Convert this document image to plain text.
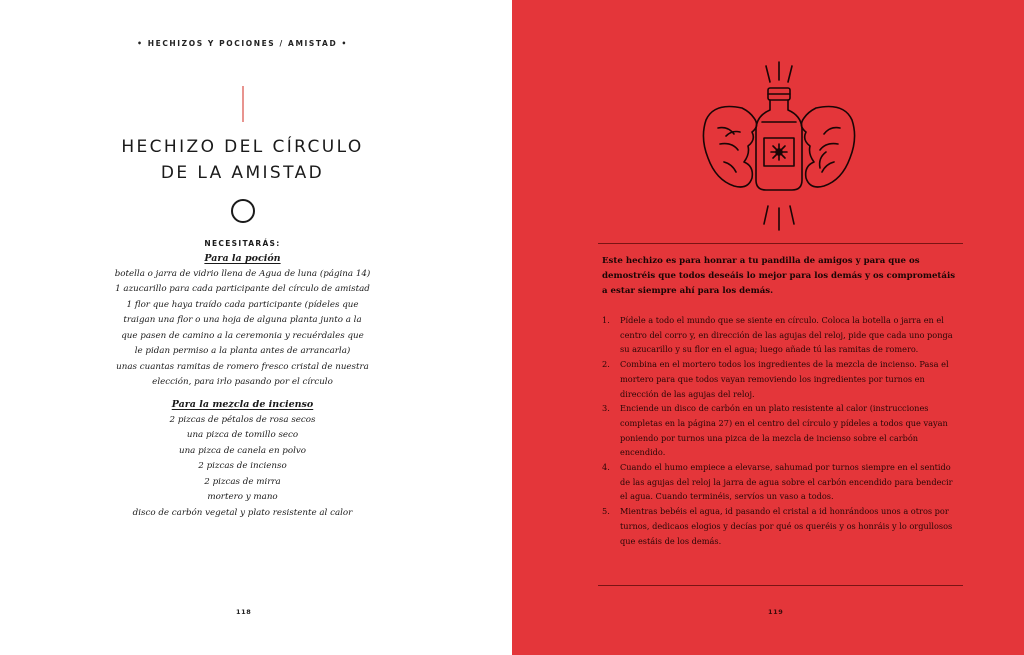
• HECHIZOS Y POCIONES / AMISTAD •
HECHIZO DEL CÍRCULO
DE LA AMISTAD
NECESITARÁS:
Para la poción
botella o jarra de vidrio llena de Agua de luna (página 14)
1 azucarillo para cada participante del círculo de amistad
1 flor que haya traído cada participante (pídeles que
traigan una flor o una hoja de alguna planta junto a la
que pasen de camino a la ceremonia y recuérdales que
le pidan permiso a la planta antes de arrancarla)
unas cuantas ramitas de romero fresco cristal de nuestra
elección, para irlo pasando por el círculo
Para la mezcla de incienso
2 pizcas de pétalos de rosa secos
una pizca de tomillo seco
una pizca de canela en polvo
2 pizcas de incienso
2 pizcas de mirra
mortero y mano
disco de carbón vegetal y plato resistente al calor
118

Este hechizo es para honrar a tu pandilla de amigos y para que os demostréis que todos deseáis lo mejor para los demás y os comprometáis a estar siempre ahí para los demás.

1.	Pídele a todo el mundo que se siente en círculo. Coloca la botella o jarra en el centro del corro y, en dirección de las agujas del reloj, pide que cada uno ponga su azucarillo y su flor en el agua; luego añade tú las ramitas de romero.
2.	Combina en el mortero todos los ingredientes de la mezcla de incienso. Pasa el mortero para que todos vayan removiendo los ingredientes por turnos en dirección de las agujas del reloj.
3.	Enciende un disco de carbón en un plato resistente al calor (instrucciones completas en la página 27) en el centro del círculo y pídeles a todos que vayan poniendo por turnos una pizca de la mezcla de incienso sobre el carbón encendido.
4.	Cuando el humo empiece a elevarse, sahumad por turnos siempre en el sentido de las agujas del reloj la jarra de agua sobre el carbón encendido para bendecir el agua. Cuando terminéis, servíos un vaso a todos.
5.	Mientras bebéis el agua, id pasando el cristal a id honrándoos unos a otros por turnos, dedicaos elogios y decías por qué os queréis y os honráis y lo orgullosos que estáis de los demás.
119
